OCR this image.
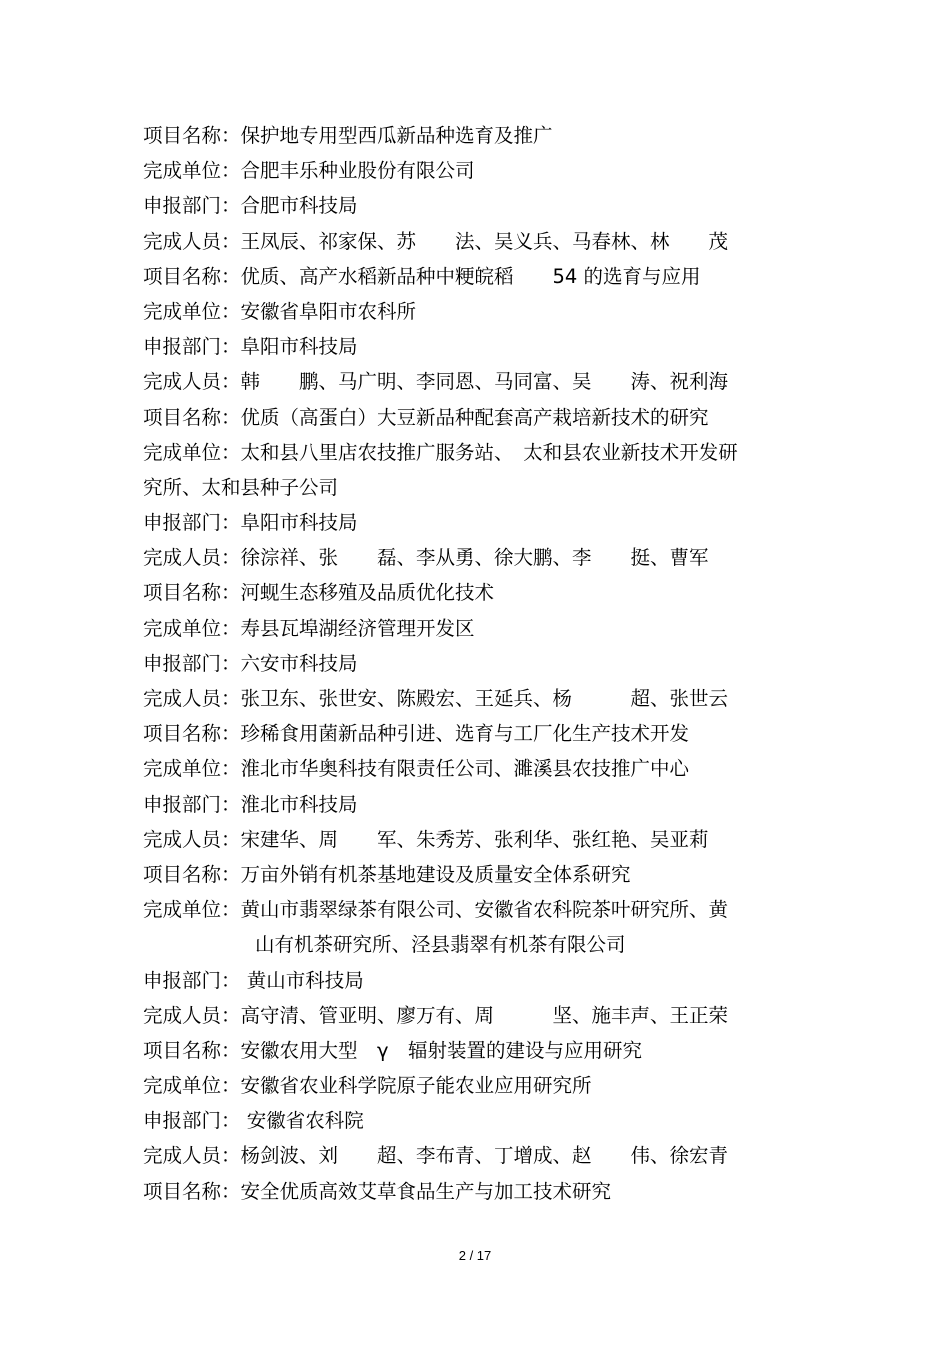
项目名称：保护地专用型西瓜新品种选育及推广
完成单位：合肥丰乐种业股份有限公司
申报部门：合肥市科技局
完成人员：王凤辰、祁家保、苏　　法、吴义兵、马春林、林　　茂
项目名称：优质、高产水稻新品种中粳皖稻　　54 的选育与应用
完成单位：安徽省阜阳市农科所
申报部门：阜阳市科技局
完成人员：韩　　鹏、马广明、李同恩、马同富、吴　　涛、祝利海
项目名称：优质（高蛋白）大豆新品种配套高产栽培新技术的研究
完成单位：太和县八里店农技推广服务站、　太和县农业新技术开发研
究所、太和县种子公司
申报部门：阜阳市科技局
完成人员：徐淙祥、张　　磊、李从勇、徐大鹏、李　　挺、曹军
项目名称：河蚬生态移殖及品质优化技术
完成单位：寿县瓦埠湖经济管理开发区
申报部门：六安市科技局
完成人员：张卫东、张世安、陈殿宏、王延兵、杨　　　超、张世云
项目名称：珍稀食用菌新品种引进、选育与工厂化生产技术开发
完成单位：淮北市华奥科技有限责任公司、濉溪县农技推广中心
申报部门：淮北市科技局
完成人员：宋建华、周　　军、朱秀芳、张利华、张红艳、吴亚莉
项目名称：万亩外销有机茶基地建设及质量安全体系研究
完成单位：黄山市翡翠绿茶有限公司、安徽省农科院茶叶研究所、黄
山有机茶研究所、泾县翡翠有机茶有限公司
申报部门： 黄山市科技局
完成人员：高守清、管亚明、廖万有、周　　　坚、施丰声、王正荣
项目名称：安徽农用大型　γ　辐射装置的建设与应用研究
完成单位：安徽省农业科学院原子能农业应用研究所
申报部门： 安徽省农科院
完成人员：杨剑波、刘　　超、李布青、丁增成、赵　　伟、徐宏青
项目名称：安全优质高效艾草食品生产与加工技术研究
2 / 17
